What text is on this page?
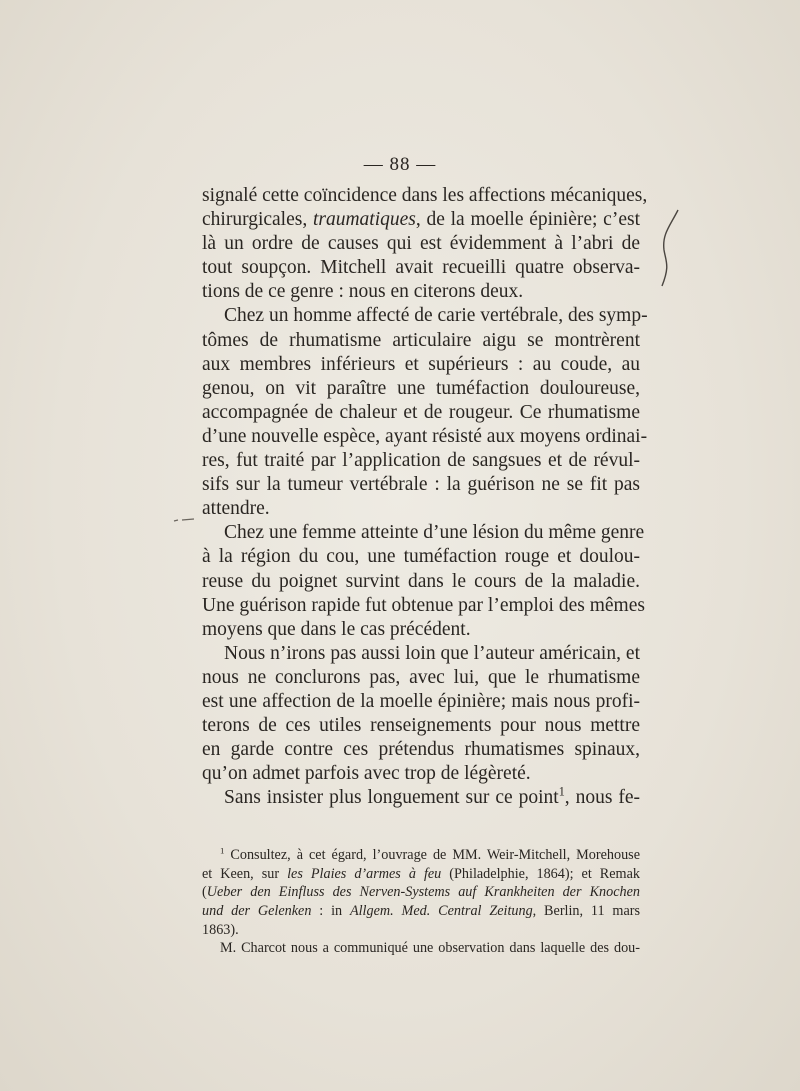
— 88 —
signalé cette coïncidence dans les affections mécaniques,
chirurgicales, traumatiques, de la moelle épinière; c’est
là un ordre de causes qui est évidemment à l’abri de
tout soupçon. Mitchell avait recueilli quatre observa-
tions de ce genre : nous en citerons deux.
Chez un homme affecté de carie vertébrale, des symp-
tômes de rhumatisme articulaire aigu se montrèrent
aux membres inférieurs et supérieurs : au coude, au
genou, on vit paraître une tuméfaction douloureuse,
accompagnée de chaleur et de rougeur. Ce rhumatisme
d’une nouvelle espèce, ayant résisté aux moyens ordinai-
res, fut traité par l’application de sangsues et de révul-
sifs sur la tumeur vertébrale : la guérison ne se fit pas
attendre.
Chez une femme atteinte d’une lésion du même genre
à la région du cou, une tuméfaction rouge et doulou-
reuse du poignet survint dans le cours de la maladie.
Une guérison rapide fut obtenue par l’emploi des mêmes
moyens que dans le cas précédent.
Nous n’irons pas aussi loin que l’auteur américain, et
nous ne conclurons pas, avec lui, que le rhumatisme
est une affection de la moelle épinière; mais nous profi-
terons de ces utiles renseignements pour nous mettre
en garde contre ces prétendus rhumatismes spinaux,
qu’on admet parfois avec trop de légèreté.
Sans insister plus longuement sur ce point$^1$, nous fe-
$^1$ Consultez, à cet égard, l’ouvrage de MM. Weir-Mitchell, Morehouse
et Keen, sur les Plaies d’armes à feu (Philadelphie, 1864); et Remak
(Ueber den Einfluss des Nerven-Systems auf Krankheiten der Knochen
und der Gelenken : in Allgem. Med. Central Zeitung, Berlin, 11 mars
1863).
M. Charcot nous a communiqué une observation dans laquelle des dou-
